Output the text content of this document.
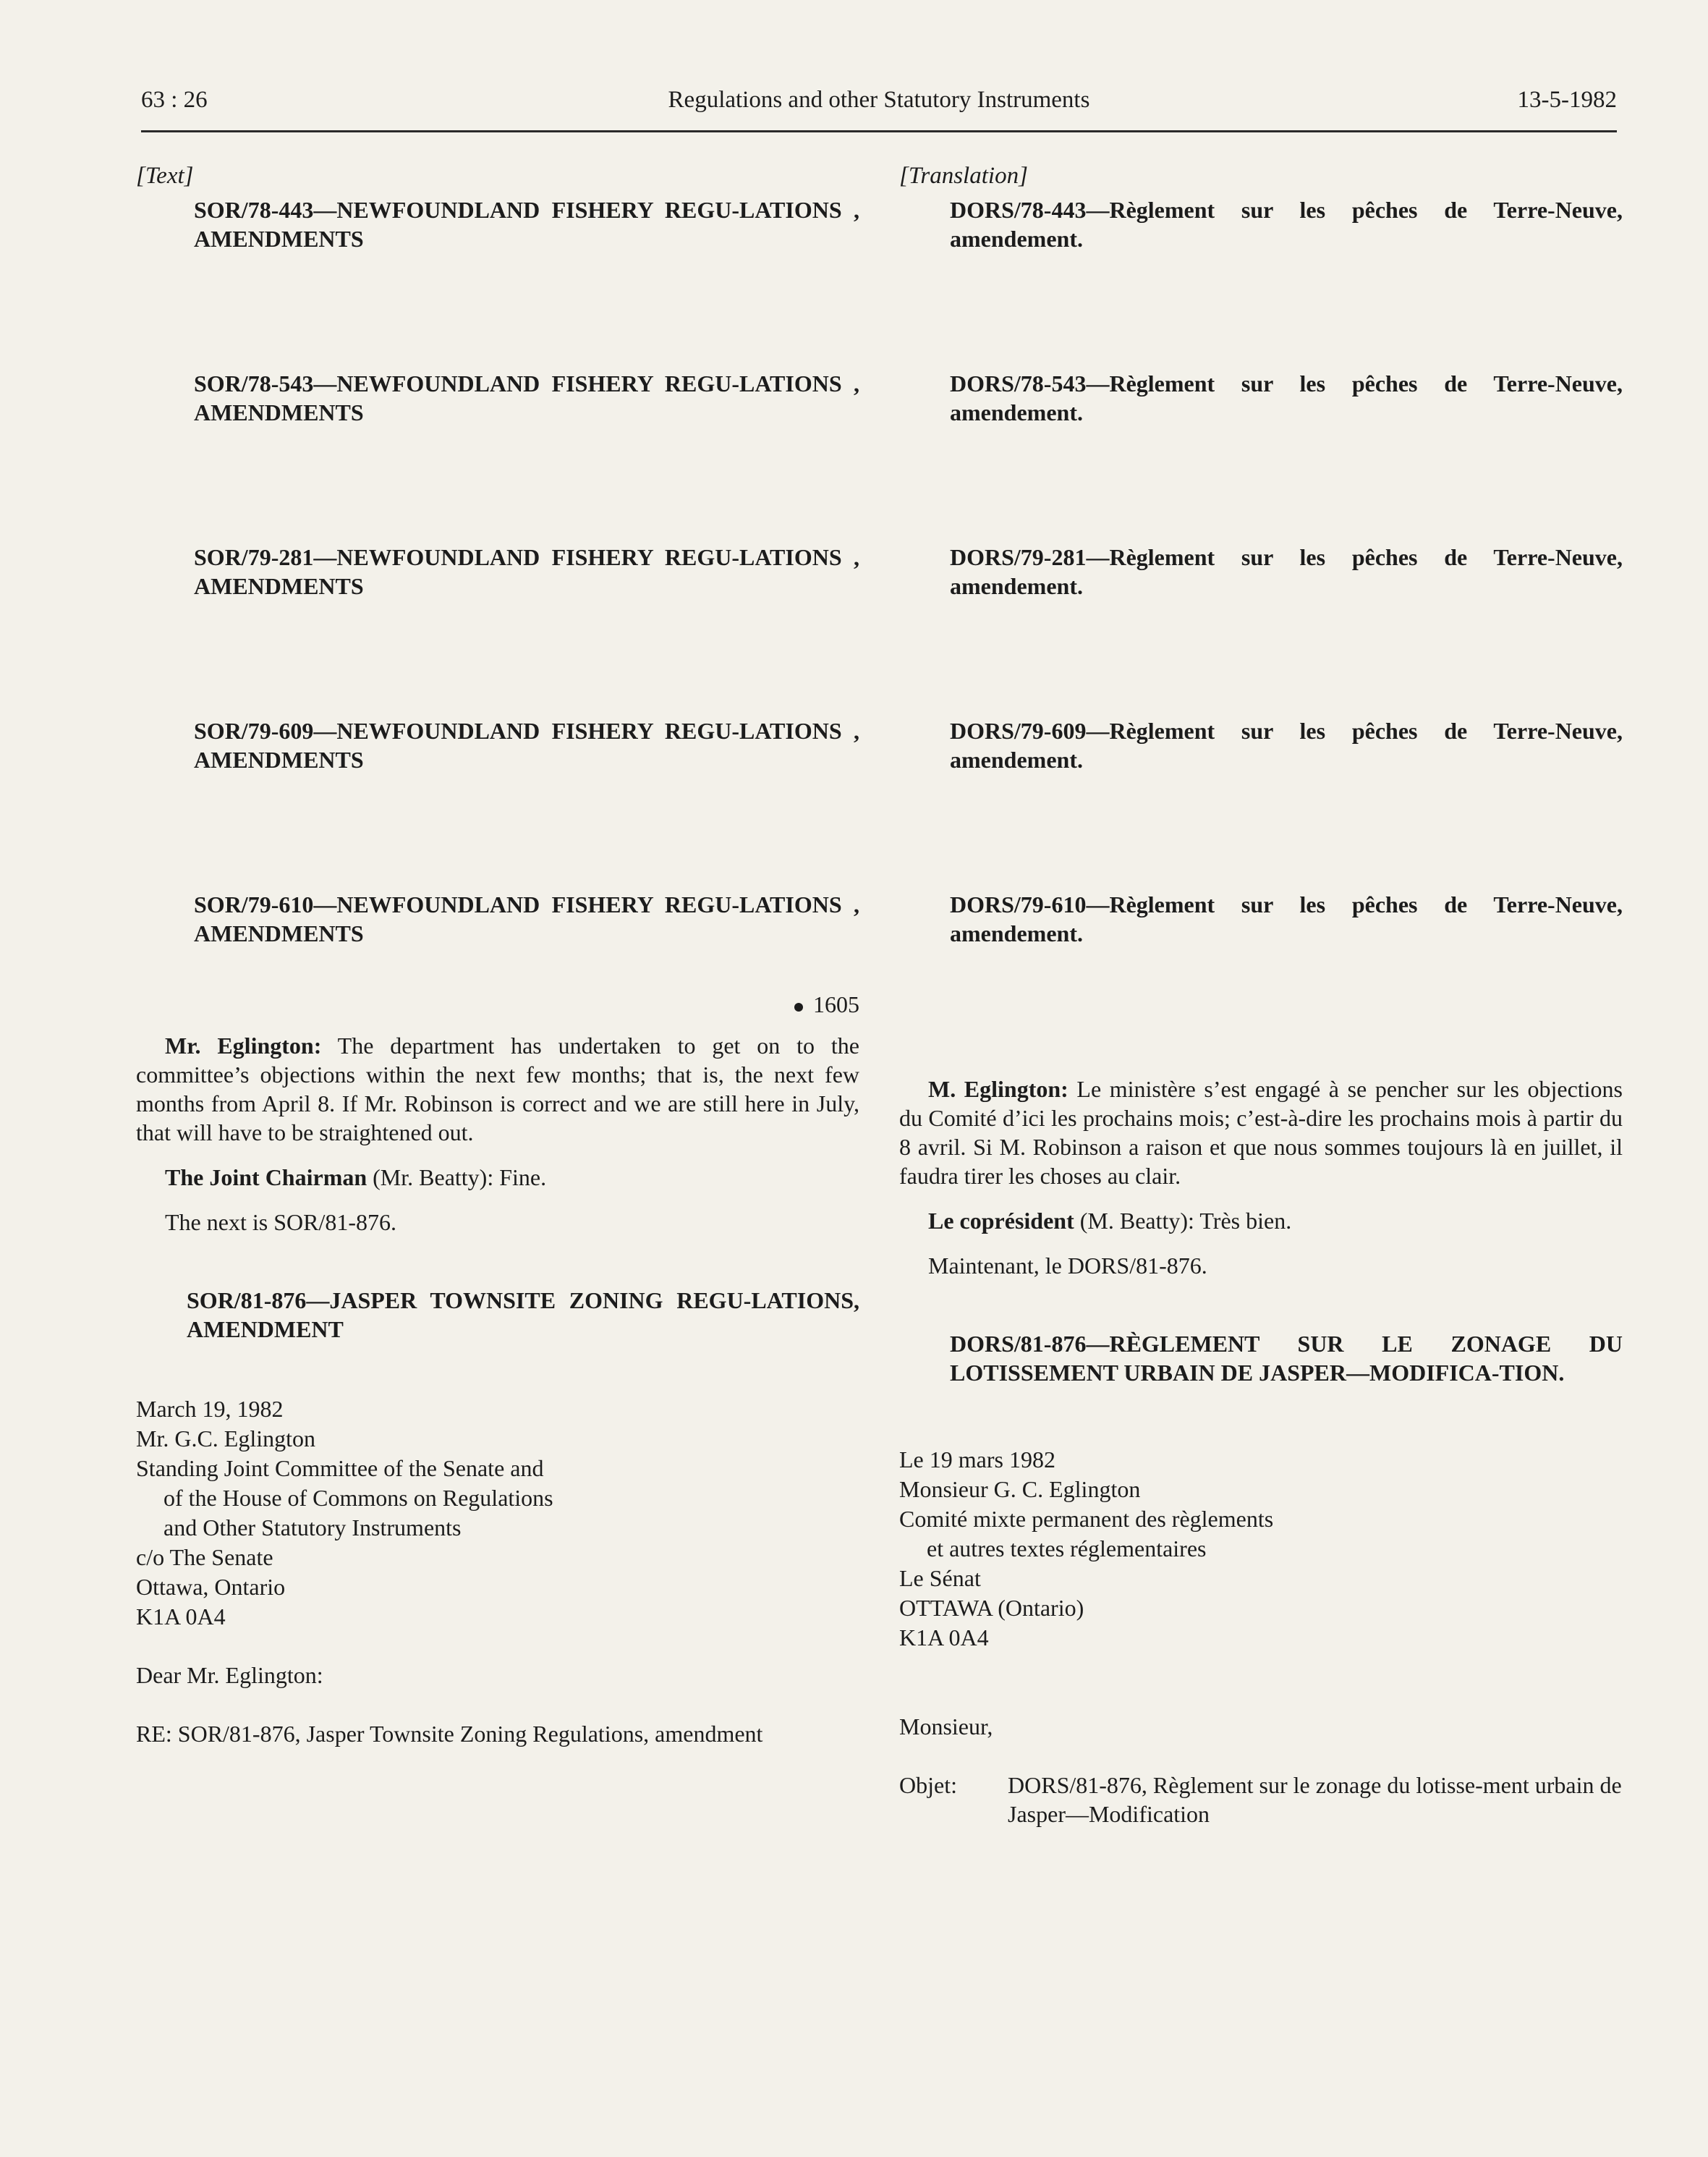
63 : 26	Regulations and other Statutory Instruments	13-5-1982
[Text]
SOR/78-443—NEWFOUNDLAND FISHERY REGU-LATIONS , AMENDMENTS
SOR/78-543—NEWFOUNDLAND FISHERY REGU-LATIONS , AMENDMENTS
SOR/79-281—NEWFOUNDLAND FISHERY REGU-LATIONS , AMENDMENTS
SOR/79-609—NEWFOUNDLAND FISHERY REGU-LATIONS , AMENDMENTS
SOR/79-610—NEWFOUNDLAND FISHERY REGU-LATIONS , AMENDMENTS
1605

Mr. Eglington: The department has undertaken to get on to the committee’s objections within the next few months; that is, the next few months from April 8. If Mr. Robinson is correct and we are still here in July, that will have to be straightened out.

The Joint Chairman (Mr. Beatty): Fine.

The next is SOR/81-876.

SOR/81-876—JASPER TOWNSITE ZONING REGU-LATIONS, AMENDMENT
March 19, 1982
Mr. G.C. Eglington
Standing Joint Committee of the Senate and
of the House of Commons on Regulations
and Other Statutory Instruments
c/o The Senate
Ottawa, Ontario
K1A 0A4
Dear Mr. Eglington:
RE: SOR/81-876, Jasper Townsite Zoning Regulations, amendment
[Translation]
DORS/78-443—Règlement sur les pêches de Terre-Neuve, amendement.
DORS/78-543—Règlement sur les pêches de Terre-Neuve, amendement.
DORS/79-281—Règlement sur les pêches de Terre-Neuve, amendement.
DORS/79-609—Règlement sur les pêches de Terre-Neuve, amendement.
DORS/79-610—Règlement sur les pêches de Terre-Neuve, amendement.

M. Eglington: Le ministère s’est engagé à se pencher sur les objections du Comité d’ici les prochains mois; c’est-à-dire les prochains mois à partir du 8 avril. Si M. Robinson a raison et que nous sommes toujours là en juillet, il faudra tirer les choses au clair.

Le coprésident (M. Beatty): Très bien.

Maintenant, le DORS/81-876.

DORS/81-876—RÈGLEMENT SUR LE ZONAGE DU LOTISSEMENT URBAIN DE JASPER—MODIFICA-TION.
Le 19 mars 1982
Monsieur G. C. Eglington
Comité mixte permanent des règlements
et autres textes réglementaires
Le Sénat
OTTAWA (Ontario)
K1A 0A4
Monsieur,
Objet:	DORS/81-876, Règlement sur le zonage du lotisse-ment urbain de Jasper—Modification
